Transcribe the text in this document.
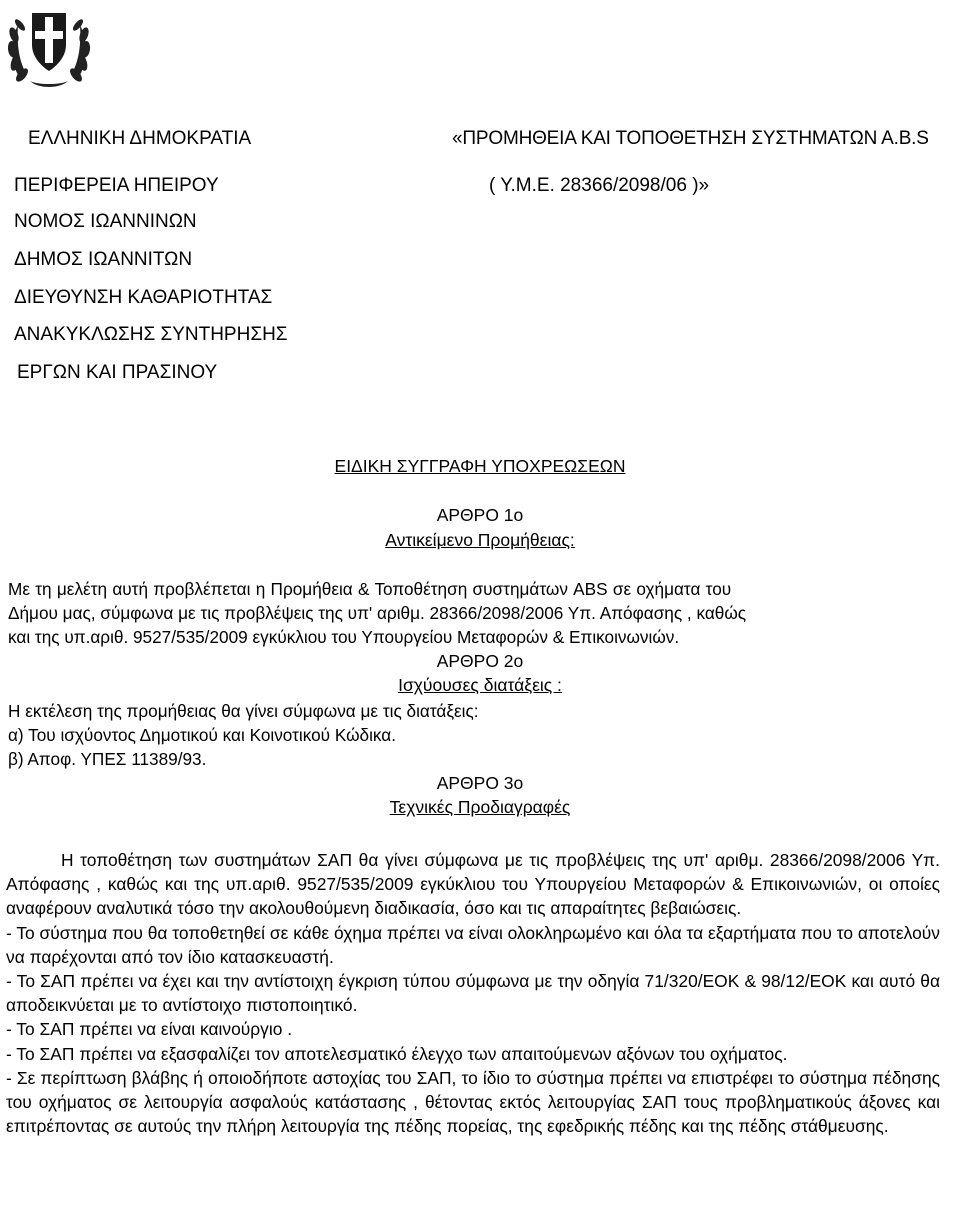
ΕΛΛΗΝΙΚΗ ΔΗΜΟΚΡΑΤΙΑ
ΠΕΡΙΦΕΡΕΙΑ ΗΠΕΙΡΟΥ
ΝΟΜΟΣ ΙΩΑΝΝΙΝΩΝ
ΔΗΜΟΣ ΙΩΑΝΝΙΤΩΝ
ΔΙΕΥΘΥΝΣΗ ΚΑΘΑΡΙΟΤΗΤΑΣ
ΑΝΑΚΥΚΛΩΣΗΣ ΣΥΝΤΗΡΗΣΗΣ
ΕΡΓΩΝ ΚΑΙ ΠΡΑΣΙΝΟΥ
«ΠΡΟΜΗΘΕΙΑ ΚΑΙ ΤΟΠΟΘΕΤΗΣΗ ΣΥΣΤΗΜΑΤΩΝ Α.Β.S
( Υ.Μ.Ε. 28366/2098/06 )»
ΕΙΔΙΚΗ ΣΥΓΓΡΑΦΗ ΥΠΟΧΡΕΩΣΕΩΝ
ΑΡΘΡΟ 1ο
Αντικείμενο Προμήθειας:

Με τη μελέτη αυτή προβλέπεται η Προμήθεια & Τοποθέτηση συστημάτων ABS σε οχήματα του

Δήμου μας, σύμφωνα με τις προβλέψεις της υπ' αριθμ. 28366/2098/2006 Υπ. Απόφασης , καθώς

και της υπ.αριθ. 9527/535/2009 εγκύκλιου του Υπουργείου Μεταφορών & Επικοινωνιών.

ΑΡΘΡΟ 2ο
Ισχύουσες διατάξεις :

Η εκτέλεση της προμήθειας θα γίνει σύμφωνα με τις διατάξεις:

α) Του ισχύοντος Δημοτικού και Κοινοτικού Κώδικα.

β) Αποφ. ΥΠΕΣ 11389/93.

ΑΡΘΡΟ 3ο
Τεχνικές Προδιαγραφές

Η τοποθέτηση των συστημάτων ΣΑΠ θα γίνει σύμφωνα με τις προβλέψεις της υπ' αριθμ. 28366/2098/2006 Υπ. Απόφασης , καθώς και της υπ.αριθ. 9527/535/2009 εγκύκλιου του Υπουργείου Μεταφορών & Επικοινωνιών, οι οποίες αναφέρουν αναλυτικά τόσο την ακολουθούμενη διαδικασία, όσο και τις απαραίτητες βεβαιώσεις.

- Το σύστημα που θα τοποθετηθεί σε κάθε όχημα πρέπει να είναι ολοκληρωμένο και όλα τα εξαρτήματα που το αποτελούν να παρέχονται από τον ίδιο κατασκευαστή.

- Το ΣΑΠ πρέπει να έχει και την αντίστοιχη έγκριση τύπου σύμφωνα με την οδηγία 71/320/ΕΟΚ & 98/12/ΕΟΚ και αυτό θα αποδεικνύεται με το αντίστοιχο πιστοποιητικό.

- Το ΣΑΠ πρέπει να είναι καινούργιο .

- Το ΣΑΠ πρέπει να εξασφαλίζει τον αποτελεσματικό έλεγχο των απαιτούμενων αξόνων του οχήματος.

- Σε περίπτωση βλάβης ή οποιοδήποτε αστοχίας του ΣΑΠ, το ίδιο το σύστημα πρέπει να επιστρέφει το σύστημα πέδησης του οχήματος σε λειτουργία ασφαλούς κατάστασης , θέτοντας εκτός λειτουργίας ΣΑΠ τους προβληματικούς άξονες και επιτρέποντας σε αυτούς την πλήρη λειτουργία της πέδης πορείας, της εφεδρικής πέδης και της πέδης στάθμευσης.
